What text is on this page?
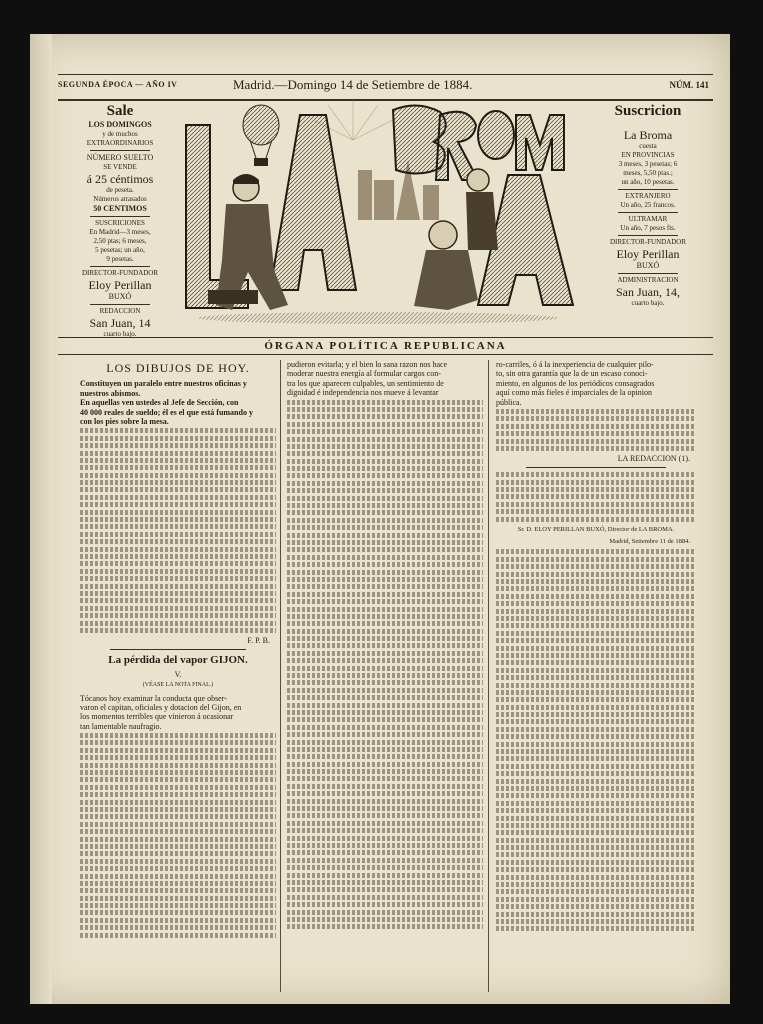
SEGUNDA ÉPOCA — AÑO IV	Madrid.—Domingo 14 de Setiembre de 1884.	NÚM. 141
Sale
LOS DOMINGOS
y de muchos
EXTRAORDINARIOS
NÚMERO SUELTO
SE VENDE
á 25 céntimos
de peseta.
Números atrasados
50 CENTIMOS
SUSCRICIONES
En Madrid—3 meses,
2,50 ptas; 6 meses,
5 pesetas; un año,
9 pesetas.
DIRECTOR-FUNDADOR
Eloy Perillan
BUXÓ
REDACCION
San Juan, 14
cuarto bajo.
Suscricion
La Broma
cuesta
EN PROVINCIAS
3 meses, 3 pesetas; 6
meses, 5,50 ptas.;
un año, 10 pesetas.
EXTRANJERO
Un año, 25 francos.
ULTRAMAR
Un año, 7 pesos fts.
DIRECTOR-FUNDADOR
Eloy Perillan
BUXÓ
ADMINISTRACION
San Juan, 14,
cuarto bajo.
ÓRGANA POLÍTICA REPUBLICANA
LOS DIBUJOS DE HOY.

Constituyen un paralelo entre nuestros oficinas y

nuestros abismos.

En aquellas ven ustedes al Jefe de Sección, con

40 000 reales de sueldo; él es el que está fumando y

con los pies sobre la mesa.

F. P. B.
La pérdida del vapor GIJON.
V.
(VÉASE LA NOTA FINAL.)

Tócanos hoy examinar la conducta que obser-

varon el capitan, oficiales y dotacion del Gijon, en

los momentos terribles que vinieron á ocasionar

tan lamentable naufragio.

pudieron evitarla; y el bien lo sana razon nos hace

moderar nuestra energía al formular cargos con-

tra los que aparecen culpables, un sentimiento de

dignidad é independencia nos mueve á levantar

ro-carriles, ó á la inexperiencia de cualquier pilo-

to, sin otra garantía que la de un escaso conoci-

miento, en algunos de los periódicos consagrados

aquí como más fieles é imparciales de la opinion

pública.

LA REDACCION (1).
Sr. D. ELOY PERILLAN BUXÓ, Director de LA BROMA.
Madrid, Setiembre 11 de 1884.
